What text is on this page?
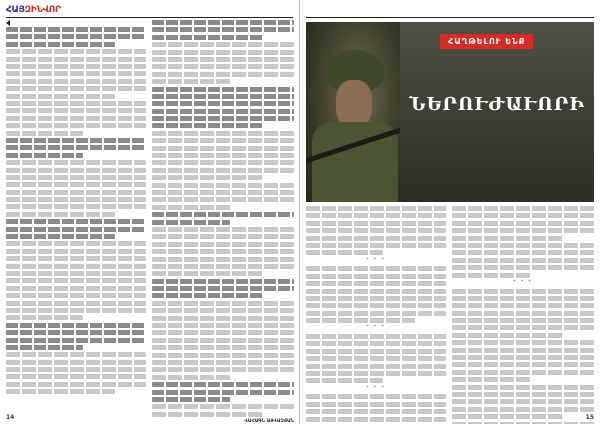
ՀԱՅԶԻՆՎՈՐ
ՎԱՀԱԳՆ ԱՅՎԱԶՅԱՆ
14
ՀԱՂԹԵԼՈՒ ԵՆՔ
ՆԵՐՈՒԺԱՒՈՐԻ
* * *
* * *
* * *
* * *
15
